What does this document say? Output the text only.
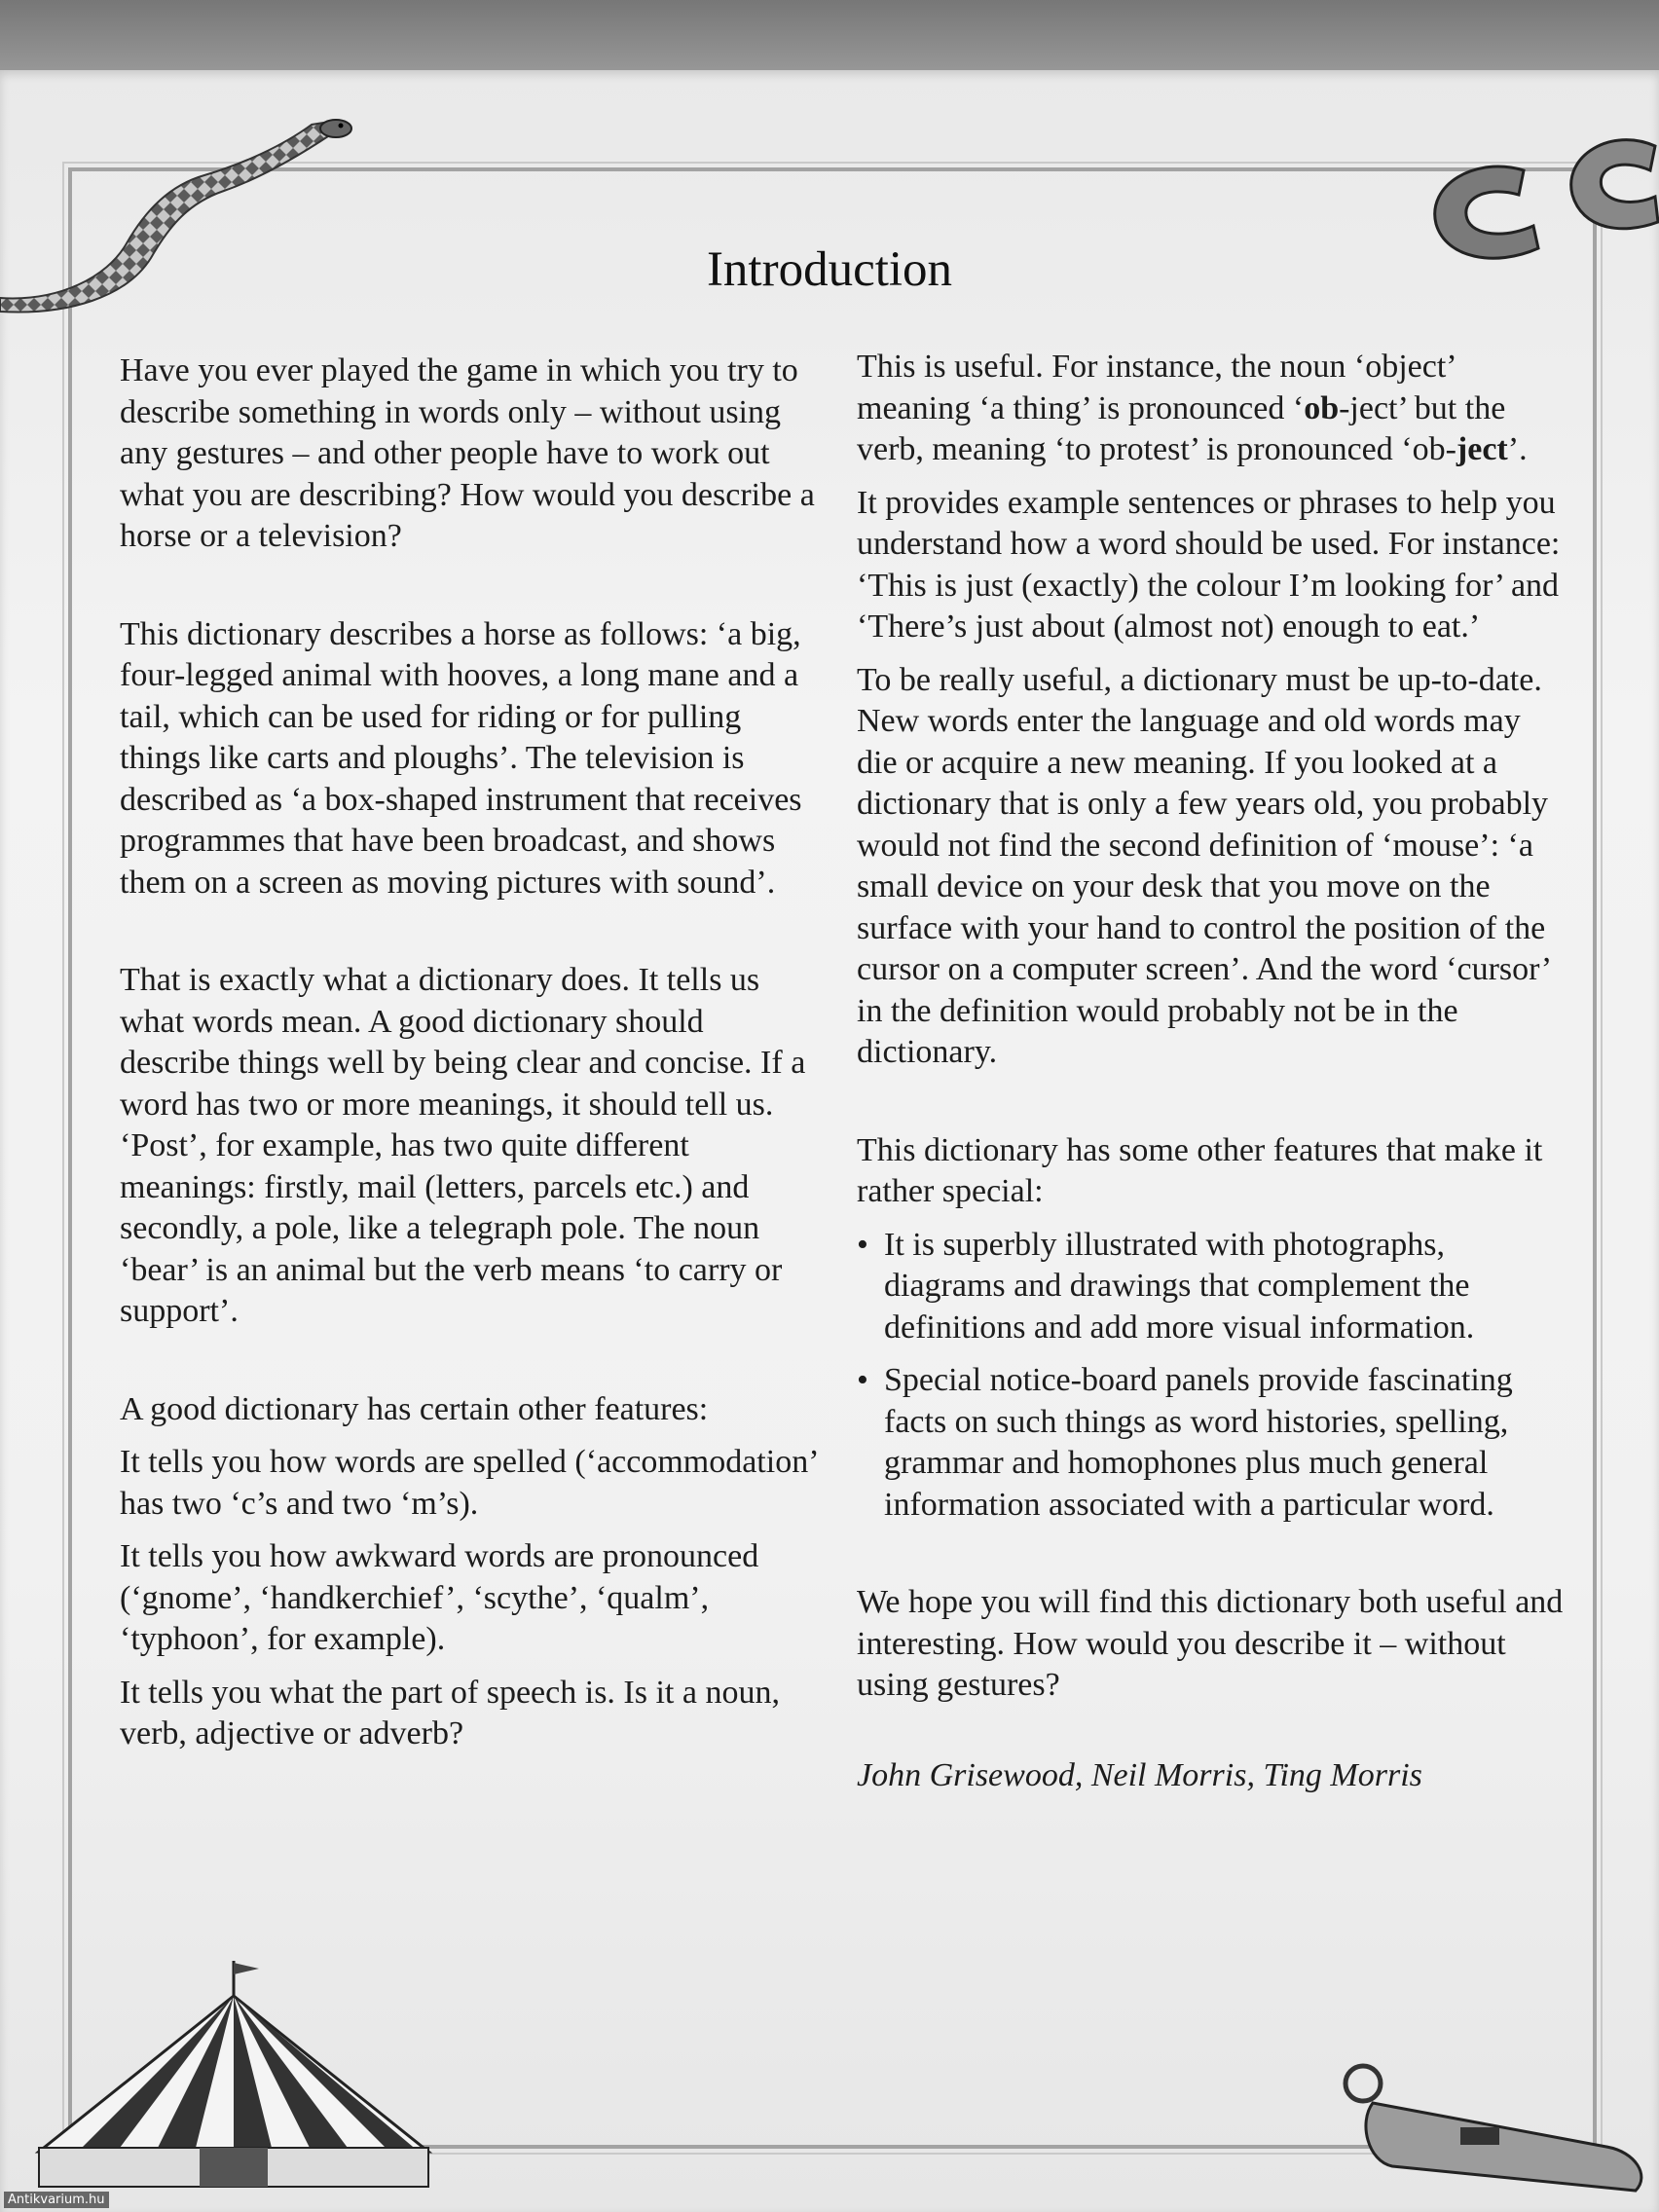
Introduction

Have you ever played the game in which you try to describe something in words only – without using any gestures – and other people have to work out what you are describing? How would you describe a horse or a television?

This dictionary describes a horse as follows: ‘a big, four-legged animal with hooves, a long mane and a tail, which can be used for riding or for pulling things like carts and ploughs’. The television is described as ‘a box-shaped instrument that receives programmes that have been broadcast, and shows them on a screen as moving pictures with sound’.

That is exactly what a dictionary does. It tells us what words mean. A good dictionary should describe things well by being clear and concise. If a word has two or more meanings, it should tell us. ‘Post’, for example, has two quite different meanings: firstly, mail (letters, parcels etc.) and secondly, a pole, like a telegraph pole. The noun ‘bear’ is an animal but the verb means ‘to carry or support’.

A good dictionary has certain other features:

It tells you how words are spelled (‘accommodation’ has two ‘c’s and two ‘m’s).

It tells you how awkward words are pronounced (‘gnome’, ‘handkerchief’, ‘scythe’, ‘qualm’, ‘typhoon’, for example).

It tells you what the part of speech is. Is it a noun, verb, adjective or adverb?

This is useful. For instance, the noun ‘object’ meaning ‘a thing’ is pronounced ‘ob-ject’ but the verb, meaning ‘to protest’ is pronounced ‘ob-ject’.

It provides example sentences or phrases to help you understand how a word should be used. For instance: ‘This is just (exactly) the colour I’m looking for’ and ‘There’s just about (almost not) enough to eat.’

To be really useful, a dictionary must be up-to-date. New words enter the language and old words may die or acquire a new meaning. If you looked at a dictionary that is only a few years old, you probably would not find the second definition of ‘mouse’: ‘a small device on your desk that you move on the surface with your hand to control the position of the cursor on a computer screen’. And the word ‘cursor’ in the definition would probably not be in the dictionary.

This dictionary has some other features that make it rather special:

• It is superbly illustrated with photographs, diagrams and drawings that complement the definitions and add more visual information.
• Special notice-board panels provide fascinating facts on such things as word histories, spelling, grammar and homophones plus much general information associated with a particular word.

We hope you will find this dictionary both useful and interesting. How would you describe it – without using gestures?

John Grisewood, Neil Morris, Ting Morris

Antikvarium.hu
